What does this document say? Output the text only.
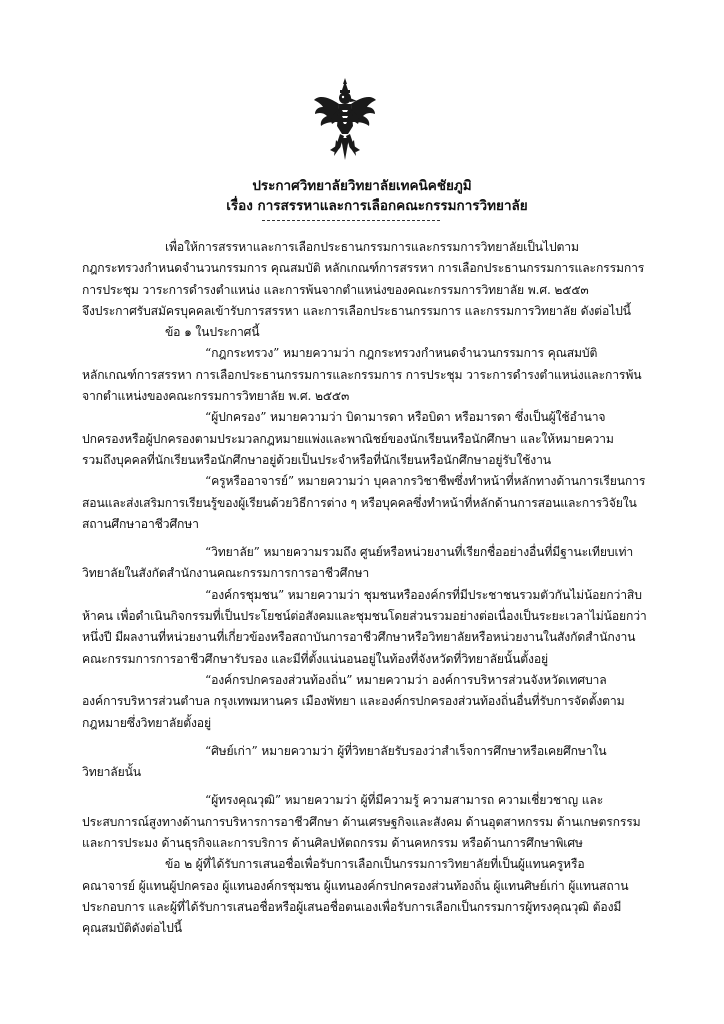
ประกาศวิทยาลัยวิทยาลัยเทคนิคชัยภูมิ

เรื่อง การสรรหาและการเลือกคณะกรรมการวิทยาลัย

เพื่อให้การสรรหาและการเลือกประธานกรรมการและกรรมการวิทยาลัยเป็นไปตาม
กฎกระทรวงกำหนดจำนวนกรรมการ คุณสมบัติ หลักเกณฑ์การสรรหา การเลือกประธานกรรมการและกรรมการ
การประชุม วาระการดำรงตำแหน่ง และการพ้นจากตำแหน่งของคณะกรรมการวิทยาลัย พ.ศ. ๒๕๕๓
จึงประกาศรับสมัครบุคคลเข้ารับการสรรหา และการเลือกประธานกรรมการ และกรรมการวิทยาลัย ดังต่อไปนี้
ข้อ ๑ ในประกาศนี้
“กฎกระทรวง” หมายความว่า กฎกระทรวงกำหนดจำนวนกรรมการ คุณสมบัติ
หลักเกณฑ์การสรรหา การเลือกประธานกรรมการและกรรมการ การประชุม วาระการดำรงตำแหน่งและการพ้น
จากตำแหน่งของคณะกรรมการวิทยาลัย พ.ศ. ๒๕๕๓
“ผู้ปกครอง” หมายความว่า บิดามารดา หรือบิดา หรือมารดา ซึ่งเป็นผู้ใช้อำนาจ
ปกครองหรือผู้ปกครองตามประมวลกฎหมายแพ่งและพาณิชย์ของนักเรียนหรือนักศึกษา และให้หมายความ
รวมถึงบุคคลที่นักเรียนหรือนักศึกษาอยู่ด้วยเป็นประจำหรือที่นักเรียนหรือนักศึกษาอยู่รับใช้งาน
“ครูหรืออาจารย์” หมายความว่า บุคลากรวิชาชีพซึ่งทำหน้าที่หลักทางด้านการเรียนการ
สอนและส่งเสริมการเรียนรู้ของผู้เรียนด้วยวิธีการต่าง ๆ หรือบุคคลซึ่งทำหน้าที่หลักด้านการสอนและการวิจัยใน
สถานศึกษาอาชีวศึกษา
“วิทยาลัย” หมายความรวมถึง ศูนย์หรือหน่วยงานที่เรียกชื่ออย่างอื่นที่มีฐานะเทียบเท่า
วิทยาลัยในสังกัดสำนักงานคณะกรรมการการอาชีวศึกษา
“องค์กรชุมชน” หมายความว่า ชุมชนหรือองค์กรที่มีประชาชนรวมตัวกันไม่น้อยกว่าสิบ
ห้าคน เพื่อดำเนินกิจกรรมที่เป็นประโยชน์ต่อสังคมและชุมชนโดยส่วนรวมอย่างต่อเนื่องเป็นระยะเวลาไม่น้อยกว่า
หนึ่งปี มีผลงานที่หน่วยงานที่เกี่ยวข้องหรือสถาบันการอาชีวศึกษาหรือวิทยาลัยหรือหน่วยงานในสังกัดสำนักงาน
คณะกรรมการการอาชีวศึกษารับรอง และมีที่ตั้งแน่นอนอยู่ในท้องที่จังหวัดที่วิทยาลัยนั้นตั้งอยู่
“องค์กรปกครองส่วนท้องถิ่น” หมายความว่า องค์การบริหารส่วนจังหวัดเทศบาล
องค์การบริหารส่วนตำบล กรุงเทพมหานคร เมืองพัทยา และองค์กรปกครองส่วนท้องถิ่นอื่นที่รับการจัดตั้งตาม
กฎหมายซึ่งวิทยาลัยตั้งอยู่
“ศิษย์เก่า” หมายความว่า ผู้ที่วิทยาลัยรับรองว่าสำเร็จการศึกษาหรือเคยศึกษาใน
วิทยาลัยนั้น
“ผู้ทรงคุณวุฒิ” หมายความว่า ผู้ที่มีความรู้ ความสามารถ ความเชี่ยวชาญ และ
ประสบการณ์สูงทางด้านการบริหารการอาชีวศึกษา ด้านเศรษฐกิจและสังคม ด้านอุตสาหกรรม ด้านเกษตรกรรม
และการประมง ด้านธุรกิจและการบริการ ด้านศิลปหัตถกรรม ด้านคหกรรม หรือด้านการศึกษาพิเศษ
ข้อ ๒ ผู้ที่ได้รับการเสนอชื่อเพื่อรับการเลือกเป็นกรรมการวิทยาลัยที่เป็นผู้แทนครูหรือ
คณาจารย์ ผู้แทนผู้ปกครอง ผู้แทนองค์กรชุมชน ผู้แทนองค์กรปกครองส่วนท้องถิ่น ผู้แทนศิษย์เก่า ผู้แทนสถาน
ประกอบการ และผู้ที่ได้รับการเสนอชื่อหรือผู้เสนอชื่อตนเองเพื่อรับการเลือกเป็นกรรมการผู้ทรงคุณวุฒิ ต้องมี
คุณสมบัติดังต่อไปนี้
